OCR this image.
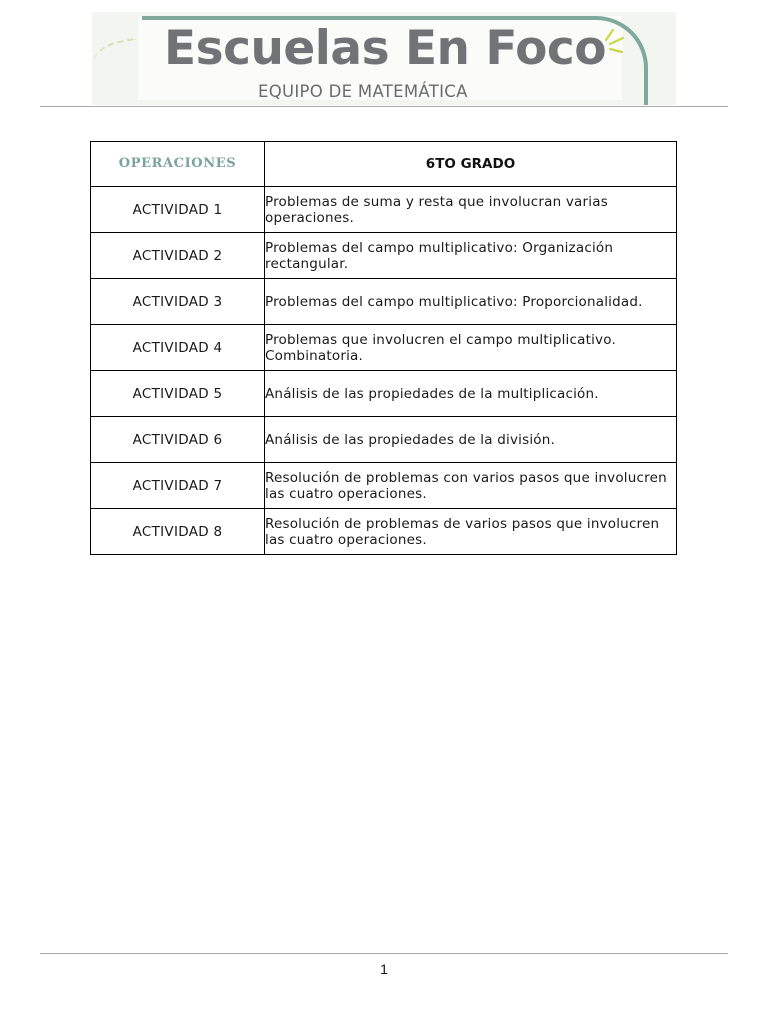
Escuelas En Foco
EQUIPO DE MATEMÁTICA
OPERACIONES	6TO GRADO
ACTIVIDAD 1	Problemas de suma y resta que involucran varias operaciones.
ACTIVIDAD 2	Problemas del campo multiplicativo: Organización rectangular.
ACTIVIDAD 3	Problemas del campo multiplicativo: Proporcionalidad.
ACTIVIDAD 4	Problemas que involucren el campo multiplicativo. Combinatoria.
ACTIVIDAD 5	Análisis de las propiedades de la multiplicación.
ACTIVIDAD 6	Análisis de las propiedades de la división.
ACTIVIDAD 7	Resolución de problemas con varios pasos que involucren las cuatro operaciones.
ACTIVIDAD 8	Resolución de problemas de varios pasos que involucren las cuatro operaciones.
1
